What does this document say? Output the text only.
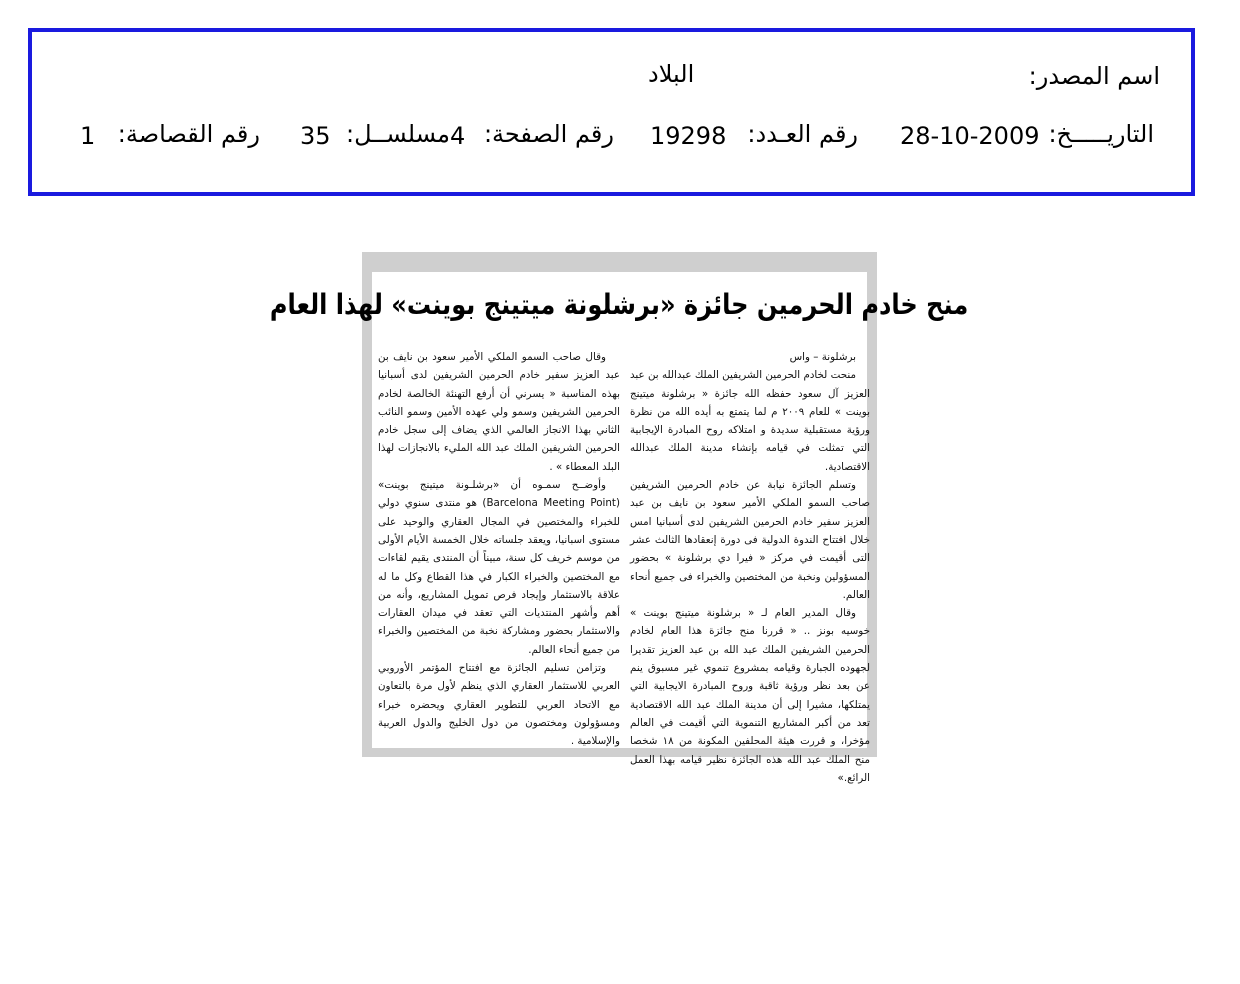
اسم المصدر:
البلاد
التاريـــــخ:
28-10-2009
رقم العـدد:
19298
رقم الصفحة:
4
مسلســل:
35
رقم القصاصة:
1
منح خادم الحرمين جائزة «برشلونة ميتينج بوينت» لهذا العام

برشلونة – واس

منحت لخادم الحرمين الشريفين الملك عبدالله بن عبد العزيز آل سعود حفظه الله جائزة « برشلونة ميتينج بوينت » للعام ٢٠٠٩ م لما يتمتع به أيده الله من نظرة ورؤية مستقبلية سديدة و امتلاكه روح المبادرة الإيجابية التي تمثلت في قيامه بإنشاء مدينة الملك عبدالله الاقتصادية.

وتسلم الجائزة نيابة عن خادم الحرمين الشريفين صاحب السمو الملكي الأمير سعود بن نايف بن عبد العزيز سفير خادم الحرمين الشريفين لدى أسبانيا امس خلال افتتاح الندوة الدولية فى دورة إنعقادها الثالث عشر التى أقيمت في مركز « فيرا دي برشلونة » بحضور المسؤولين ونخبة من المختصين والخبراء فى جميع أنحاء العالم.

وقال المدير العام لـ « برشلونة ميتينج بوينت » خوسيه بونز .. « قررنا منح جائزة هذا العام لخادم الحرمين الشريفين الملك عبد الله بن عبد العزيز تقديرا لجهوده الجبارة وقيامه بمشروع تنموي غير مسبوق ينم عن بعد نظر ورؤية ثاقبة وروح المبادرة الايجابية التي يمتلكها، مشيرا إلى أن مدينة الملك عبد الله الاقتصادية تعد من أكبر المشاريع التنموية التي أقيمت في العالم مؤخرا، و قررت هيئة المحلفين المكونة من ١٨ شخصا منح الملك عبد الله هذه الجائزة نظير قيامه بهذا العمل الرائع.»

وقال صاحب السمو الملكي الأمير سعود بن نايف بن عبد العزيز سفير خادم الحرمين الشريفين لدى أسبانيا بهذه المناسبة « يسرني أن أرفع التهنئة الخالصة لخادم الحرمين الشريفين وسمو ولي عهده الأمين وسمو النائب الثاني بهذا الانجاز العالمي الذي يضاف إلى سجل خادم الحرمين الشريفين الملك عبد الله المليء بالانجازات لهذا البلد المعطاء » .

وأوضــح سمـوه أن «برشلـونة ميتينج بوينت» (Barcelona Meeting Point) هو منتدى سنوي دولي للخبراء والمختصين في المجال العقاري والوحيد على مستوى اسبانيا، ويعقد جلساته خلال الخمسة الأيام الأولى من موسم خريف كل سنة، مبيناً أن المنتدى يقيم لقاءات مع المختصين والخبراء الكبار في هذا القطاع وكل ما له علاقة بالاستثمار وإيجاد فرص تمويل المشاريع، وأنه من أهم وأشهر المنتديات التي تعقد في ميدان العقارات والاستثمار بحضور ومشاركة نخبة من المختصين والخبراء من جميع أنحاء العالم.

وتزامن تسليم الجائزة مع افتتاح المؤتمر الأوروبي العربي للاستثمار العقاري الذي ينظم لأول مرة بالتعاون مع الاتحاد العربي للتطوير العقاري ويحضره خبراء ومسؤولون ومختصون من دول الخليج والدول العربية والإسلامية .
